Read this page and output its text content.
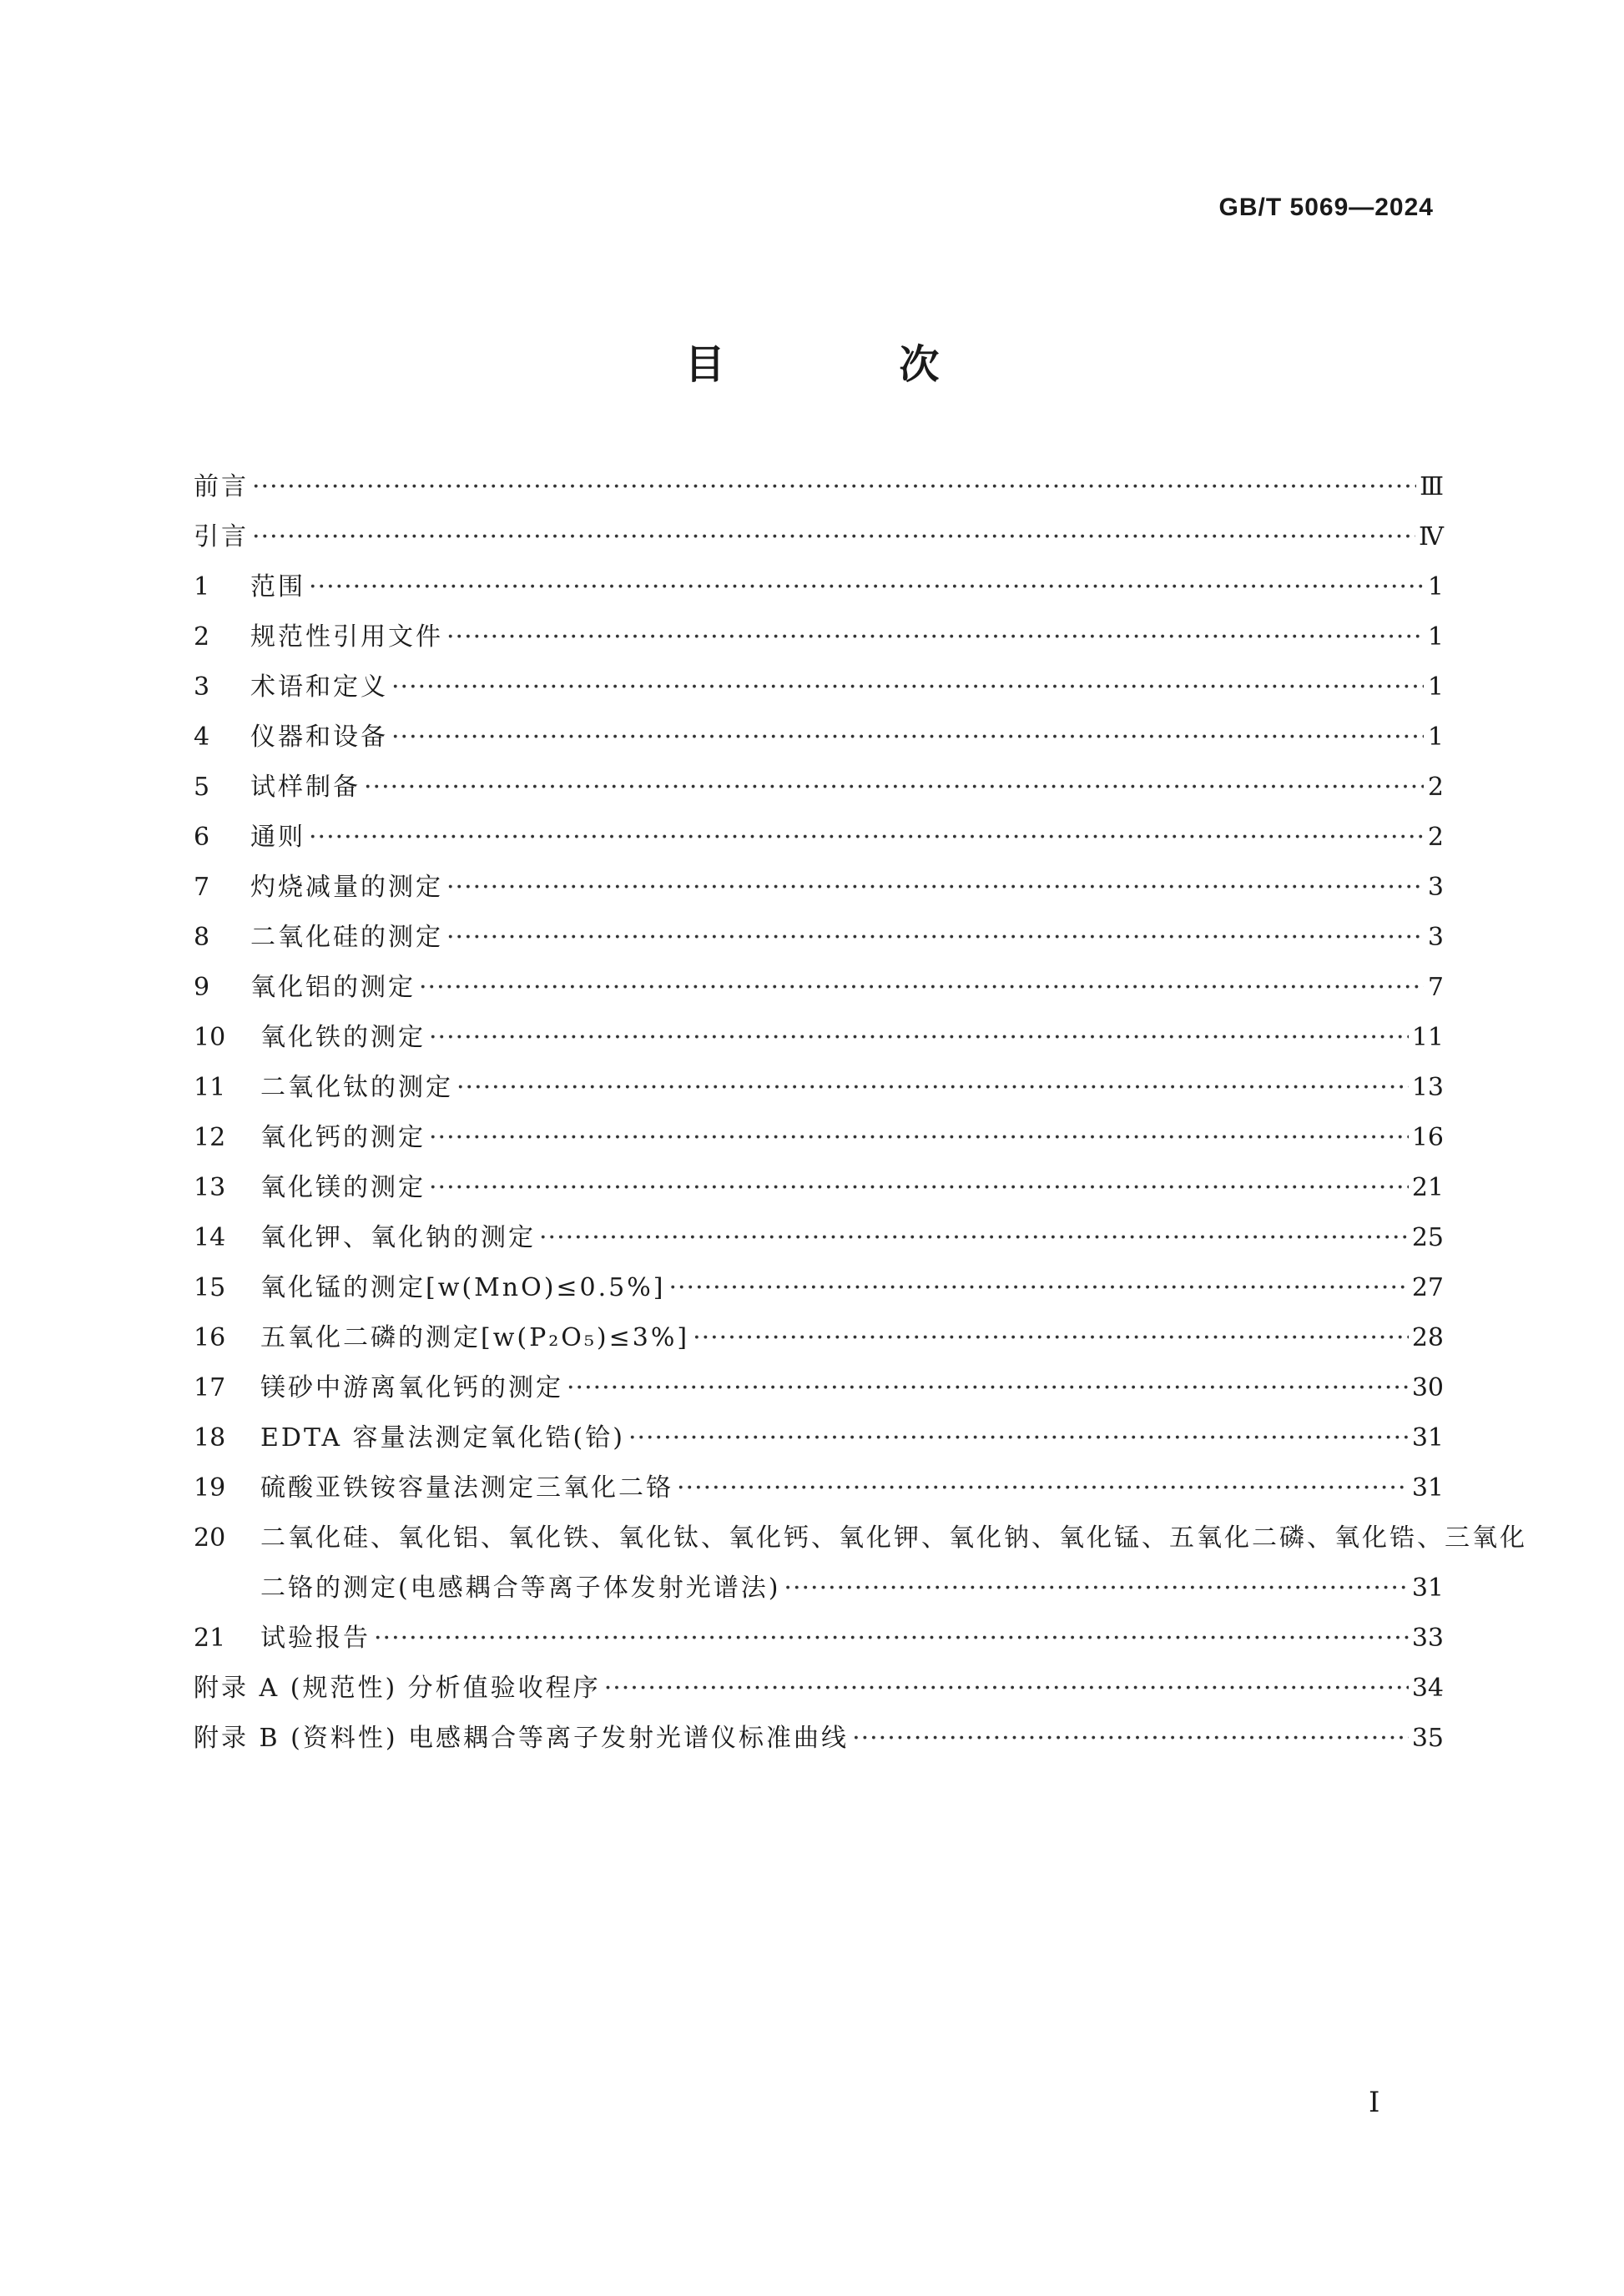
GB/T 5069—2024
目 次
前言 ·····	Ⅲ
引言 ·····	Ⅳ
1	范围 ·····	1
2	规范性引用文件 ·····	1
3	术语和定义 ·····	1
4	仪器和设备 ·····	1
5	试样制备 ·····	2
6	通则 ·····	2
7	灼烧减量的测定 ·····	3
8	二氧化硅的测定 ·····	3
9	氧化铝的测定 ·····	7
10	氧化铁的测定 ·····	11
11	二氧化钛的测定 ·····	13
12	氧化钙的测定 ·····	16
13	氧化镁的测定 ·····	21
14	氧化钾、氧化钠的测定 ·····	25
15	氧化锰的测定[w(MnO)≤0.5%] ·····	27
16	五氧化二磷的测定[w(P₂O₅)≤3%] ·····	28
17	镁砂中游离氧化钙的测定 ·····	30
18	EDTA 容量法测定氧化锆(铪) ·····	31
19	硫酸亚铁铵容量法测定三氧化二铬 ·····	31
20	二氧化硅、氧化铝、氧化铁、氧化钛、氧化钙、氧化钾、氧化钠、氧化锰、五氧化二磷、氧化锆、三氧化
二铬的测定(电感耦合等离子体发射光谱法) ·····	31
21	试验报告 ·····	33
附录 A (规范性) 分析值验收程序 ·····	34
附录 B (资料性) 电感耦合等离子发射光谱仪标准曲线 ·····	35
Ⅰ
